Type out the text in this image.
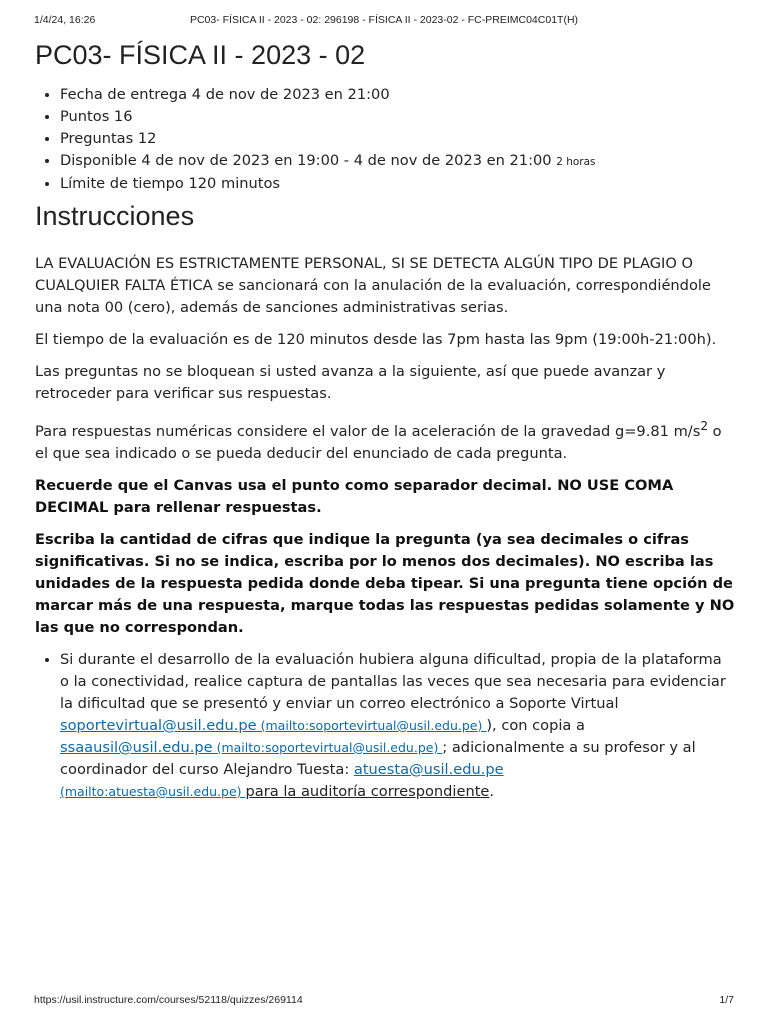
1/4/24, 16:26	PC03- FÍSICA II - 2023 - 02: 296198 - FÍSICA II - 2023-02 - FC-PREIMC04C01T(H)
PC03- FÍSICA II - 2023 - 02
• Fecha de entrega 4 de nov de 2023 en 21:00
• Puntos 16
• Preguntas 12
• Disponible 4 de nov de 2023 en 19:00 - 4 de nov de 2023 en 21:00 2 horas
• Límite de tiempo 120 minutos
Instrucciones

LA EVALUACIÓN ES ESTRICTAMENTE PERSONAL, SI SE DETECTA ALGÚN TIPO DE PLAGIO O CUALQUIER FALTA ÉTICA se sancionará con la anulación de la evaluación, correspondiéndole una nota 00 (cero), además de sanciones administrativas serias.

El tiempo de la evaluación es de 120 minutos desde las 7pm hasta las 9pm (19:00h-21:00h).

Las preguntas no se bloquean si usted avanza a la siguiente, así que puede avanzar y retroceder para verificar sus respuestas.

Para respuestas numéricas considere el valor de la aceleración de la gravedad g=9.81 $m/s^2$ o el que sea indicado o se pueda deducir del enunciado de cada pregunta.

Recuerde que el Canvas usa el punto como separador decimal. NO USE COMA DECIMAL para rellenar respuestas.

Escriba la cantidad de cifras que indique la pregunta (ya sea decimales o cifras significativas. Si no se indica, escriba por lo menos dos decimales). NO escriba las unidades de la respuesta pedida donde deba tipear. Si una pregunta tiene opción de marcar más de una respuesta, marque todas las respuestas pedidas solamente y NO las que no correspondan.

• Si durante el desarrollo de la evaluación hubiera alguna dificultad, propia de la plataforma o la conectividad, realice captura de pantallas las veces que sea necesaria para evidenciar la dificultad que se presentó y enviar un correo electrónico a Soporte Virtual soportevirtual@usil.edu.pe (mailto:soportevirtual@usil.edu.pe) ), con copia a ssaausil@usil.edu.pe (mailto:soportevirtual@usil.edu.pe) ; adicionalmente a su profesor y al coordinador del curso Alejandro Tuesta: atuesta@usil.edu.pe
(mailto:atuesta@usil.edu.pe) para la auditoría correspondiente.
https://usil.instructure.com/courses/52118/quizzes/269114	1/7
